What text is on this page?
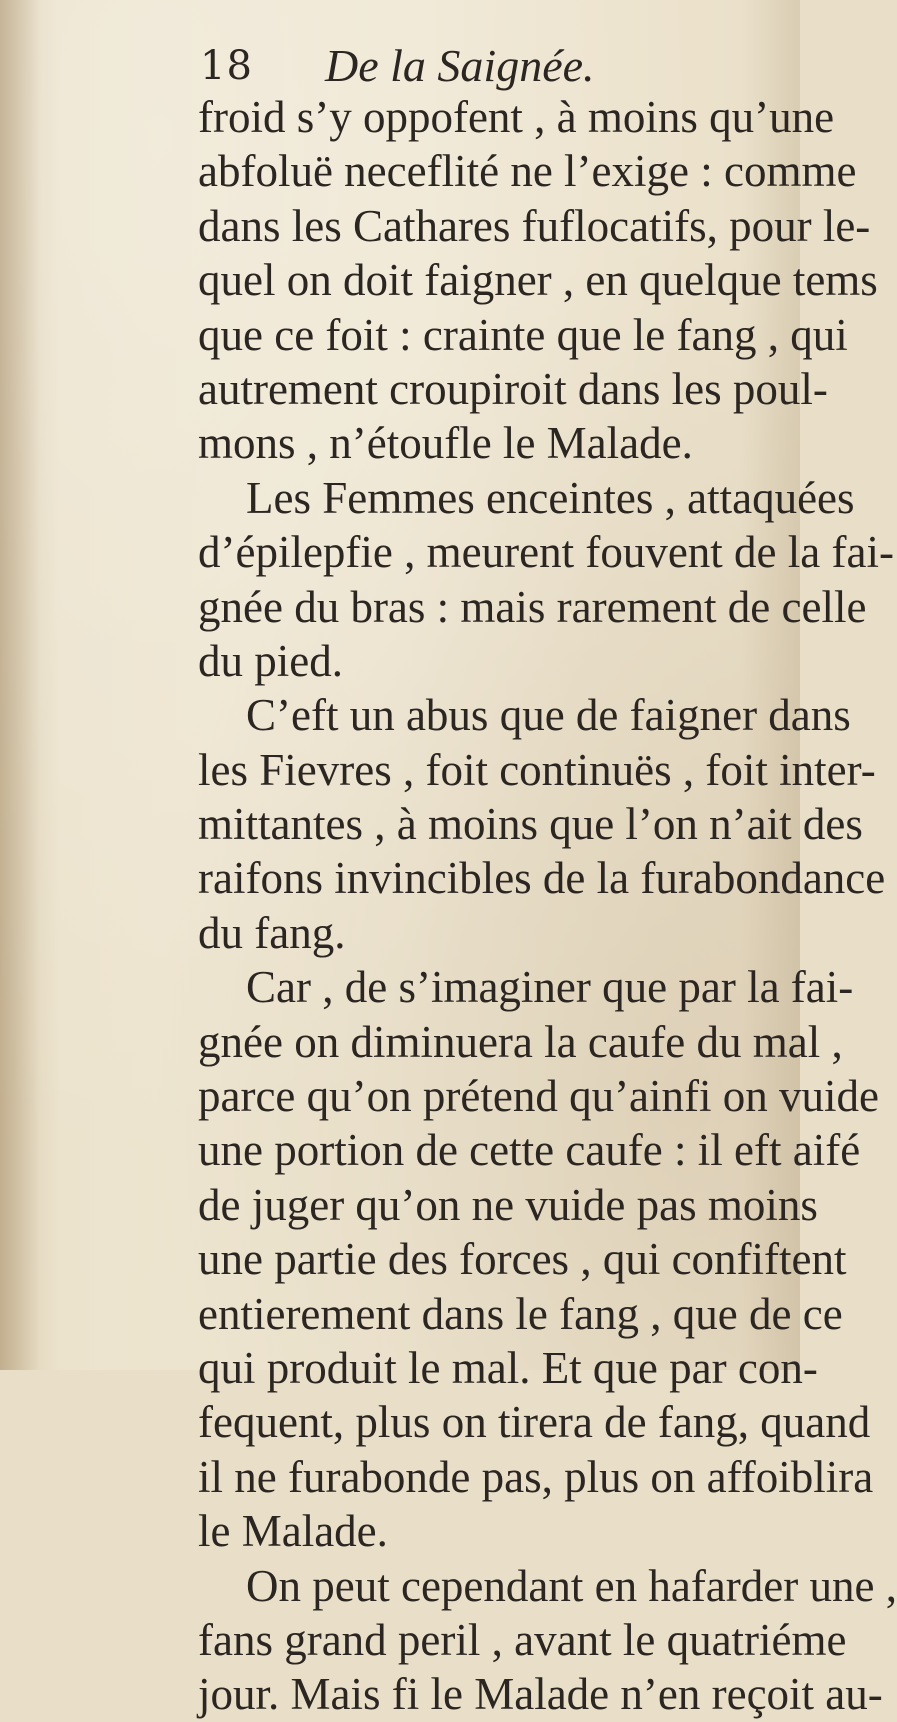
18 De la Saignée.
froid s’y oppofent , à moins qu’une
abfoluë neceflité ne l’exige : comme
dans les Cathares fuflocatifs, pour le-
quel on doit faigner , en quelque tems
que ce foit : crainte que le fang , qui
autrement croupiroit dans les poul-
mons , n’étoufle le Malade.
Les Femmes enceintes , attaquées
d’épilepfie , meurent fouvent de la fai-
gnée du bras : mais rarement de celle
du pied.
C’eft un abus que de faigner dans
les Fievres , foit continuës , foit inter-
mittantes , à moins que l’on n’ait des
raifons invincibles de la furabondance
du fang.
Car , de s’imaginer que par la fai-
gnée on diminuera la caufe du mal ,
parce qu’on prétend qu’ainfi on vuide
une portion de cette caufe : il eft aifé
de juger qu’on ne vuide pas moins
une partie des forces , qui confiftent
entierement dans le fang , que de ce
qui produit le mal. Et que par con-
fequent, plus on tirera de fang, quand
il ne furabonde pas, plus on affoiblira
le Malade.
On peut cependant en hafarder une ,
fans grand peril , avant le quatriéme
jour. Mais fi le Malade n’en reçoit au-
